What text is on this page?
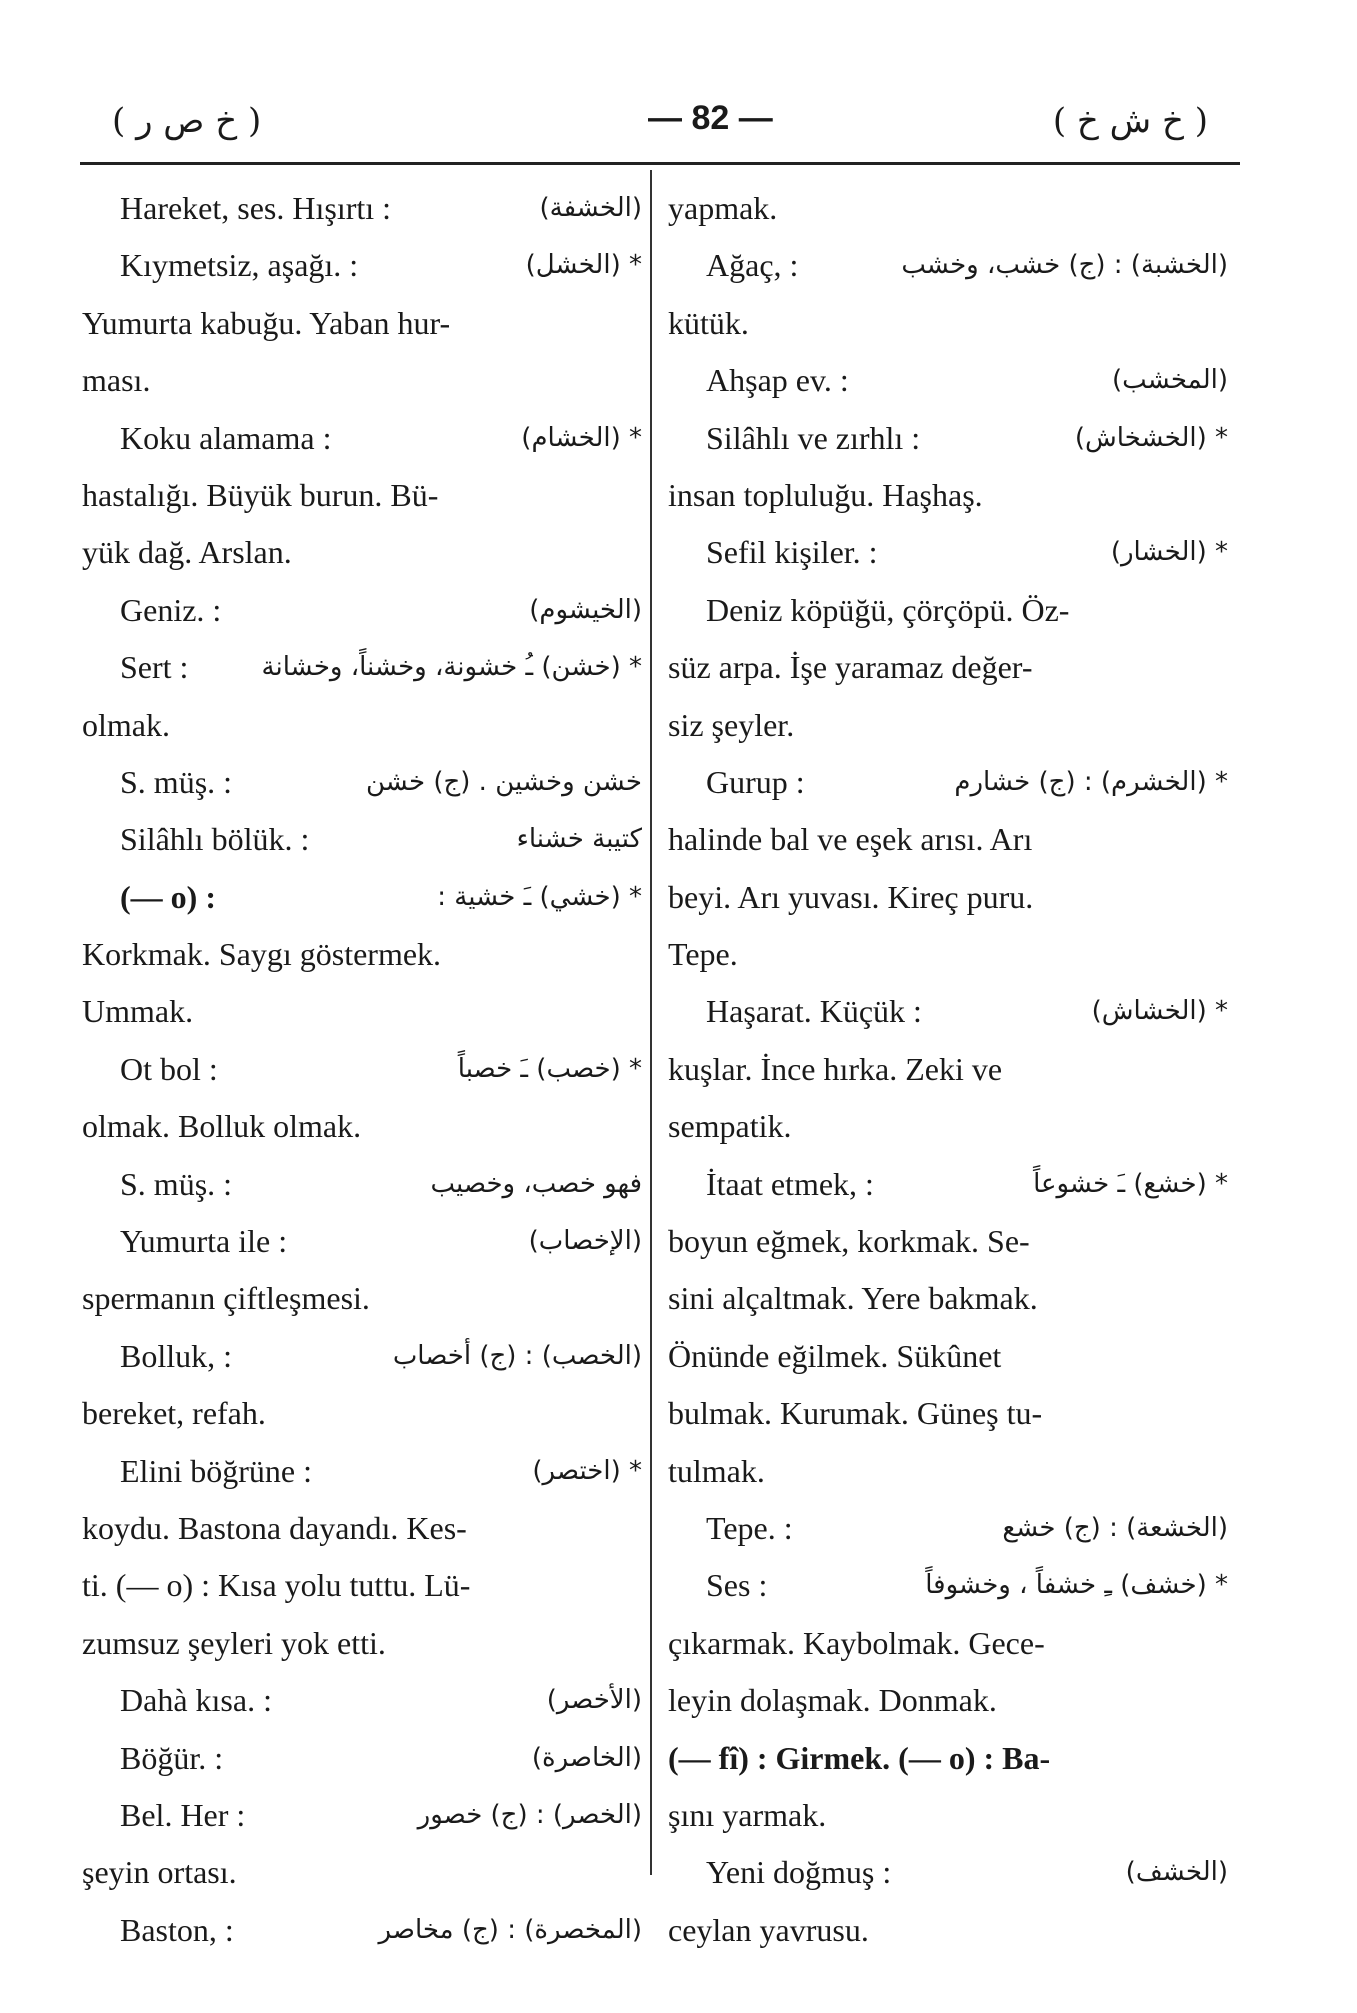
( خ ص ر )	— 82 —	( خ ش خ )
Hareket, ses. Hışırtı :	(الخشفة)
Kıymetsiz, aşağı. :	* (الخشل)
Yumurta kabuğu. Yaban hur-
ması.
Koku alamama :	* (الخشام)
hastalığı. Büyük burun. Bü-
yük dağ. Arslan.
Geniz. :	(الخيشوم)
Sert :	* (خشن) ـُ خشونة، وخشناً، وخشانة
olmak.
S. müş. :	خشن وخشين . (ج) خشن
Silâhlı bölük. :	كتيبة خشناء
(— o) :	* (خشي) ـَ خشية :
Korkmak. Saygı göstermek.
Ummak.
Ot bol :	* (خصب) ـَ خصباً
olmak. Bolluk olmak.
S. müş. :	فهو خصب، وخصيب
Yumurta ile :	(الإخصاب)
spermanın çiftleşmesi.
Bolluk, :	(الخصب) : (ج) أخصاب
bereket, refah.
Elini böğrüne :	* (اختصر)
koydu. Bastona dayandı. Kes-
ti. (— o) : Kısa yolu tuttu. Lü-
zumsuz şeyleri yok etti.
Dahà kısa. :	(الأخصر)
Böğür. :	(الخاصرة)
Bel. Her :	(الخصر) : (ج) خصور
şeyin ortası.
Baston, :	(المخصرة) : (ج) مخاصر
yapmak.
Ağaç, :	(الخشبة) : (ج) خشب، وخشب
kütük.
Ahşap ev. :	(المخشب)
Silâhlı ve zırhlı :	* (الخشخاش)
insan topluluğu. Haşhaş.
Sefil kişiler. :	* (الخشار)
Deniz köpüğü, çörçöpü. Öz-
süz arpa. İşe yaramaz değer-
siz şeyler.
Gurup :	* (الخشرم) : (ج) خشارم
halinde bal ve eşek arısı. Arı
beyi. Arı yuvası. Kireç puru.
Tepe.
Haşarat. Küçük :	* (الخشاش)
kuşlar. İnce hırka. Zeki ve
sempatik.
İtaat etmek, :	* (خشع) ـَ خشوعاً
boyun eğmek, korkmak. Se-
sini alçaltmak. Yere bakmak.
Önünde eğilmek. Sükûnet
bulmak. Kurumak. Güneş tu-
tulmak.
Tepe. :	(الخشعة) : (ج) خشع
Ses :	* (خشف) ـِ خشفاً ، وخشوفاً
çıkarmak. Kaybolmak. Gece-
leyin dolaşmak. Donmak.
(— fî) : Girmek. (— o) : Ba-
şını yarmak.
Yeni doğmuş :	(الخشف)
ceylan yavrusu.
